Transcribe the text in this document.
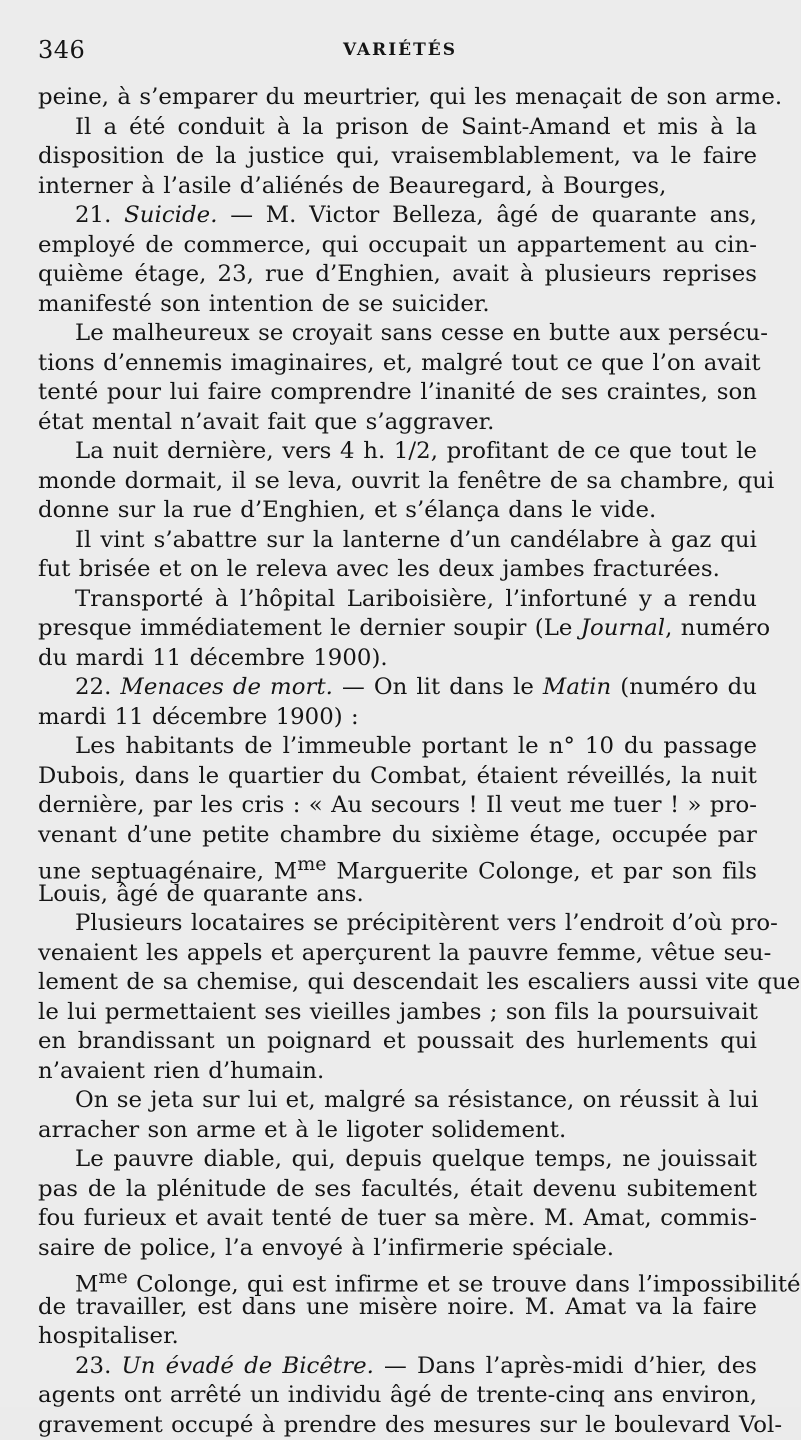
346	VARIÉTÉS
peine, à s’emparer du meurtrier, qui les menaçait de son arme.
Il a été conduit à la prison de Saint-Amand et mis à la
disposition de la justice qui, vraisemblablement, va le faire
interner à l’asile d’aliénés de Beauregard, à Bourges,
21. Suicide. — M. Victor Belleza, âgé de quarante ans,
employé de commerce, qui occupait un appartement au cin-
quième étage, 23, rue d’Enghien, avait à plusieurs reprises
manifesté son intention de se suicider.
Le malheureux se croyait sans cesse en butte aux persécu-
tions d’ennemis imaginaires, et, malgré tout ce que l’on avait
tenté pour lui faire comprendre l’inanité de ses craintes, son
état mental n’avait fait que s’aggraver.
La nuit dernière, vers 4 h. 1/2, profitant de ce que tout le
monde dormait, il se leva, ouvrit la fenêtre de sa chambre, qui
donne sur la rue d’Enghien, et s’élança dans le vide.
Il vint s’abattre sur la lanterne d’un candélabre à gaz qui
fut brisée et on le releva avec les deux jambes fracturées.
Transporté à l’hôpital Lariboisière, l’infortuné y a rendu
presque immédiatement le dernier soupir (Le Journal, numéro
du mardi 11 décembre 1900).
22. Menaces de mort. — On lit dans le Matin (numéro du
mardi 11 décembre 1900) :
Les habitants de l’immeuble portant le n° 10 du passage
Dubois, dans le quartier du Combat, étaient réveillés, la nuit
dernière, par les cris : « Au secours ! Il veut me tuer ! » pro-
venant d’une petite chambre du sixième étage, occupée par
une septuagénaire, $M^{me}$ Marguerite Colonge, et par son fils
Louis, âgé de quarante ans.
Plusieurs locataires se précipitèrent vers l’endroit d’où pro-
venaient les appels et aperçurent la pauvre femme, vêtue seu-
lement de sa chemise, qui descendait les escaliers aussi vite que
le lui permettaient ses vieilles jambes ; son fils la poursuivait
en brandissant un poignard et poussait des hurlements qui
n’avaient rien d’humain.
On se jeta sur lui et, malgré sa résistance, on réussit à lui
arracher son arme et à le ligoter solidement.
Le pauvre diable, qui, depuis quelque temps, ne jouissait
pas de la plénitude de ses facultés, était devenu subitement
fou furieux et avait tenté de tuer sa mère. M. Amat, commis-
saire de police, l’a envoyé à l’infirmerie spéciale.
$M^{me}$ Colonge, qui est infirme et se trouve dans l’impossibilité
de travailler, est dans une misère noire. M. Amat va la faire
hospitaliser.
23. Un évadé de Bicêtre. — Dans l’après-midi d’hier, des
agents ont arrêté un individu âgé de trente-cinq ans environ,
gravement occupé à prendre des mesures sur le boulevard Vol-
